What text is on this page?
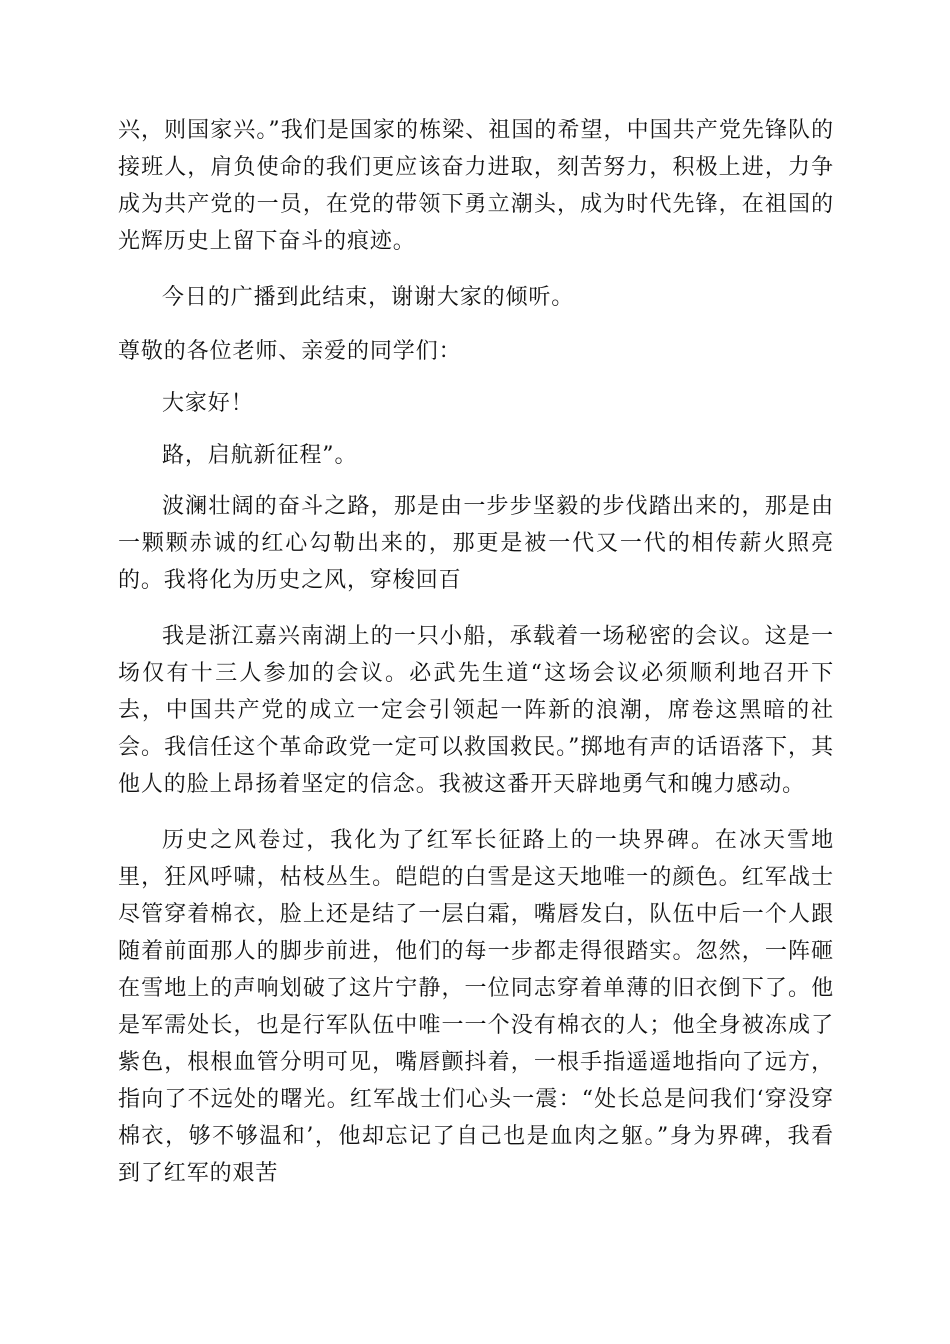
兴，则国家兴。”我们是国家的栋梁、祖国的希望，中国共产党先锋队的接班人，肩负使命的我们更应该奋力进取，刻苦努力，积极上进，力争成为共产党的一员，在党的带领下勇立潮头，成为时代先锋，在祖国的光辉历史上留下奋斗的痕迹。

今日的广播到此结束，谢谢大家的倾听。

尊敬的各位老师、亲爱的同学们：

大家好！

路，启航新征程”。

波澜壮阔的奋斗之路，那是由一步步坚毅的步伐踏出来的，那是由一颗颗赤诚的红心勾勒出来的，那更是被一代又一代的相传薪火照亮的。我将化为历史之风，穿梭回百

我是浙江嘉兴南湖上的一只小船，承载着一场秘密的会议。这是一场仅有十三人参加的会议。必武先生道“这场会议必须顺利地召开下去，中国共产党的成立一定会引领起一阵新的浪潮，席卷这黑暗的社会。我信任这个革命政党一定可以救国救民。”掷地有声的话语落下，其他人的脸上昂扬着坚定的信念。我被这番开天辟地勇气和魄力感动。

历史之风卷过，我化为了红军长征路上的一块界碑。在冰天雪地里，狂风呼啸，枯枝丛生。皑皑的白雪是这天地唯一的颜色。红军战士尽管穿着棉衣，脸上还是结了一层白霜，嘴唇发白，队伍中后一个人跟随着前面那人的脚步前进，他们的每一步都走得很踏实。忽然，一阵砸在雪地上的声响划破了这片宁静，一位同志穿着单薄的旧衣倒下了。他是军需处长，也是行军队伍中唯一一个没有棉衣的人；他全身被冻成了紫色，根根血管分明可见，嘴唇颤抖着，一根手指遥遥地指向了远方，指向了不远处的曙光。红军战士们心头一震：“处长总是问我们‘穿没穿棉衣，够不够温和’，他却忘记了自己也是血肉之躯。”身为界碑，我看到了红军的艰苦
